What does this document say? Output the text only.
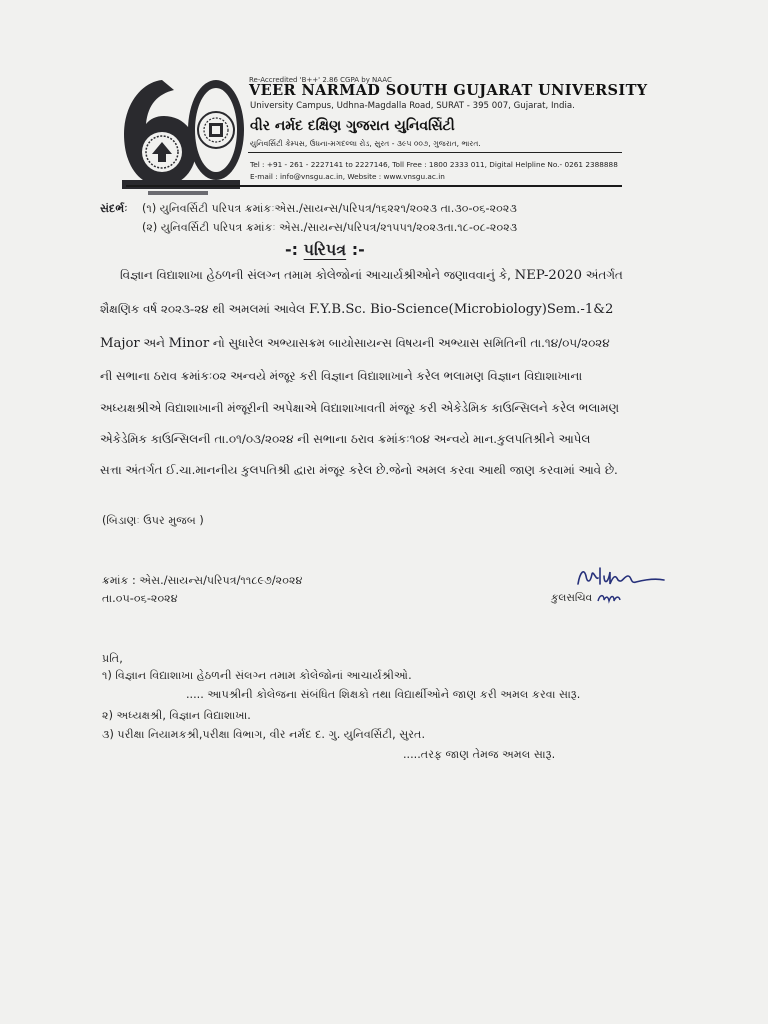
Re-Accredited 'B++' 2.86 CGPA by NAAC
VEER NARMAD SOUTH GUJARAT UNIVERSITY
University Campus, Udhna-Magdalla Road, SURAT - 395 007, Gujarat, India.
વીર નર્મદ દક્ષિણ ગુજરાત યુનિવર્સિટી
યુનિવર્સિટી કેમ્પસ, ઉધના-મગદલ્લા રોડ, સુરત - ૩૯૫ ૦૦૭, ગુજરાત, ભારત.
Tel : +91 - 261 - 2227141 to 2227146, Toll Free : 1800 2333 011, Digital Helpline No.- 0261 2388888
E-mail : info@vnsgu.ac.in, Website : www.vnsgu.ac.in
સંદર્ભઃ (૧) યુનિવર્સિટી પરિપત્ર ક્રમાંકઃએસ./સાયન્સ/પરિપત્ર/૧૬૨૨૧/૨૦૨૩ તા.૩૦-૦૬-૨૦૨૩
(૨) યુનિવર્સિટી પરિપત્ર ક્રમાંકઃ એસ./સાયન્સ/પરિપત્ર/૨૧૫૫૧/૨૦૨૩તા.૧૮-૦૮-૨૦૨૩
-: પરિપત્ર :-
વિજ્ઞાન વિદ્યાશાખા હેઠળની સંલગ્ન તમામ કોલેજોનાં આચાર્યશ્રીઓને જણાવવાનું કે, NEP-2020 અંતર્ગત
શૈક્ષણિક વર્ષ ૨૦૨૩-૨૪ થી અમલમાં આવેલ F.Y.B.Sc. Bio-Science(Microbiology)Sem.-1&2
Major અને Minor નો સુધારેલ અભ્યાસક્રમ બાયોસાયન્સ વિષયની અભ્યાસ સમિતિની તા.૧૪/૦૫/૨૦૨૪
ની સભાના ઠરાવ ક્રમાંકઃ૦૨ અન્વયે મંજૂર કરી વિજ્ઞાન વિદ્યાશાખાને કરેલ ભલામણ વિજ્ઞાન વિદ્યાશાખાના
અધ્યક્ષશ્રીએ વિદ્યાશાખાની મંજૂરીની અપેક્ષાએ વિદ્યાશાખાવતી મંજૂર કરી એકેડેમિક કાઉન્સિલને કરેલ ભલામણ
એકેડેમિક કાઉન્સિલની તા.૦૧/૦૩/૨૦૨૪ ની સભાના ઠરાવ ક્રમાંકઃ૧૦૪ અન્વયે માન.કુલપતિશ્રીને આપેલ
સત્તા અંતર્ગત ઈ.ચા.માનનીય કુલપતિશ્રી દ્વારા મંજૂર કરેલ છે.જેનો અમલ કરવા આથી જાણ કરવામાં આવે છે.
(બિડાણઃ ઉપર મુજબ )
ક્રમાંક : એસ./સાયન્સ/પરિપત્ર/૧૧૮૯૭/૨૦૨૪
તા.૦૫-૦૬-૨૦૨૪	કુલસચિવ
પ્રતિ,
૧) વિજ્ઞાન વિદ્યાશાખા હેઠળની સંલગ્ન તમામ કોલેજોનાં આચાર્યશ્રીઓ.
..... આપશ્રીની કોલેજના સંબંધિત શિક્ષકો તથા વિદ્યાર્થીઓને જાણ કરી અમલ કરવા સારૂ.
૨) અધ્યક્ષશ્રી, વિજ્ઞાન વિદ્યાશાખા.
૩) પરીક્ષા નિયામકશ્રી,પરીક્ષા વિભાગ, વીર નર્મદ દ. ગુ. યુનિવર્સિટી, સુરત.
.....તરફ જાણ તેમજ અમલ સારૂ.
